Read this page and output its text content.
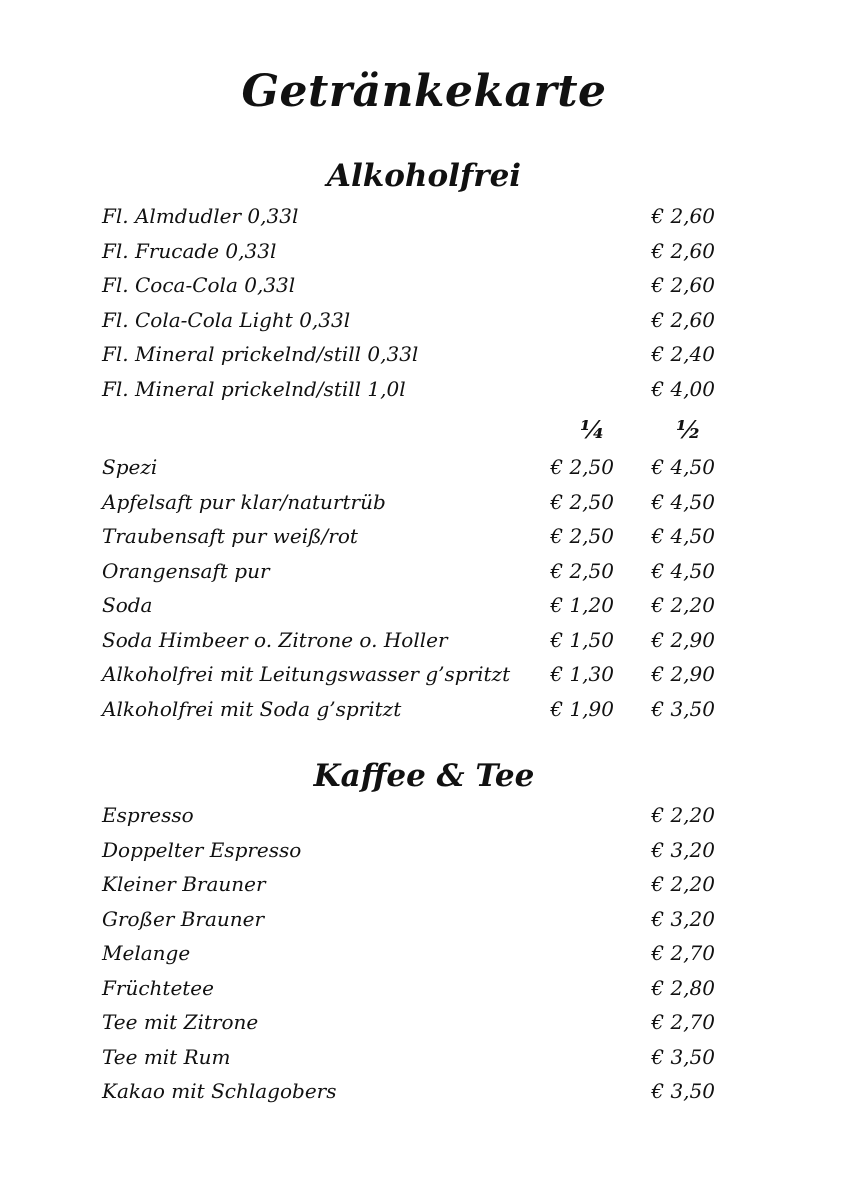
Getränkekarte
Alkoholfrei
Fl. Almdudler 0,33l	€ 2,60
Fl. Frucade 0,33l	€ 2,60
Fl. Coca-Cola 0,33l	€ 2,60
Fl. Cola-Cola Light 0,33l	€ 2,60
Fl. Mineral prickelnd/still 0,33l	€ 2,40
Fl. Mineral prickelnd/still 1,0l	€ 4,00
¼	½
Spezi	€ 2,50 € 4,50
Apfelsaft pur klar/naturtrüb	€ 2,50 € 4,50
Traubensaft pur weiß/rot	€ 2,50 € 4,50
Orangensaft pur	€ 2,50 € 4,50
Soda	€ 1,20 € 2,20
Soda Himbeer o. Zitrone o. Holler	€ 1,50 € 2,90
Alkoholfrei mit Leitungswasser g’spritzt € 1,30 € 2,90
Alkoholfrei mit Soda g’spritzt	€ 1,90 € 3,50
Kaffee & Tee
Espresso	€ 2,20
Doppelter Espresso	€ 3,20
Kleiner Brauner	€ 2,20
Großer Brauner	€ 3,20
Melange	€ 2,70
Früchtetee	€ 2,80
Tee mit Zitrone	€ 2,70
Tee mit Rum	€ 3,50
Kakao mit Schlagobers	€ 3,50
